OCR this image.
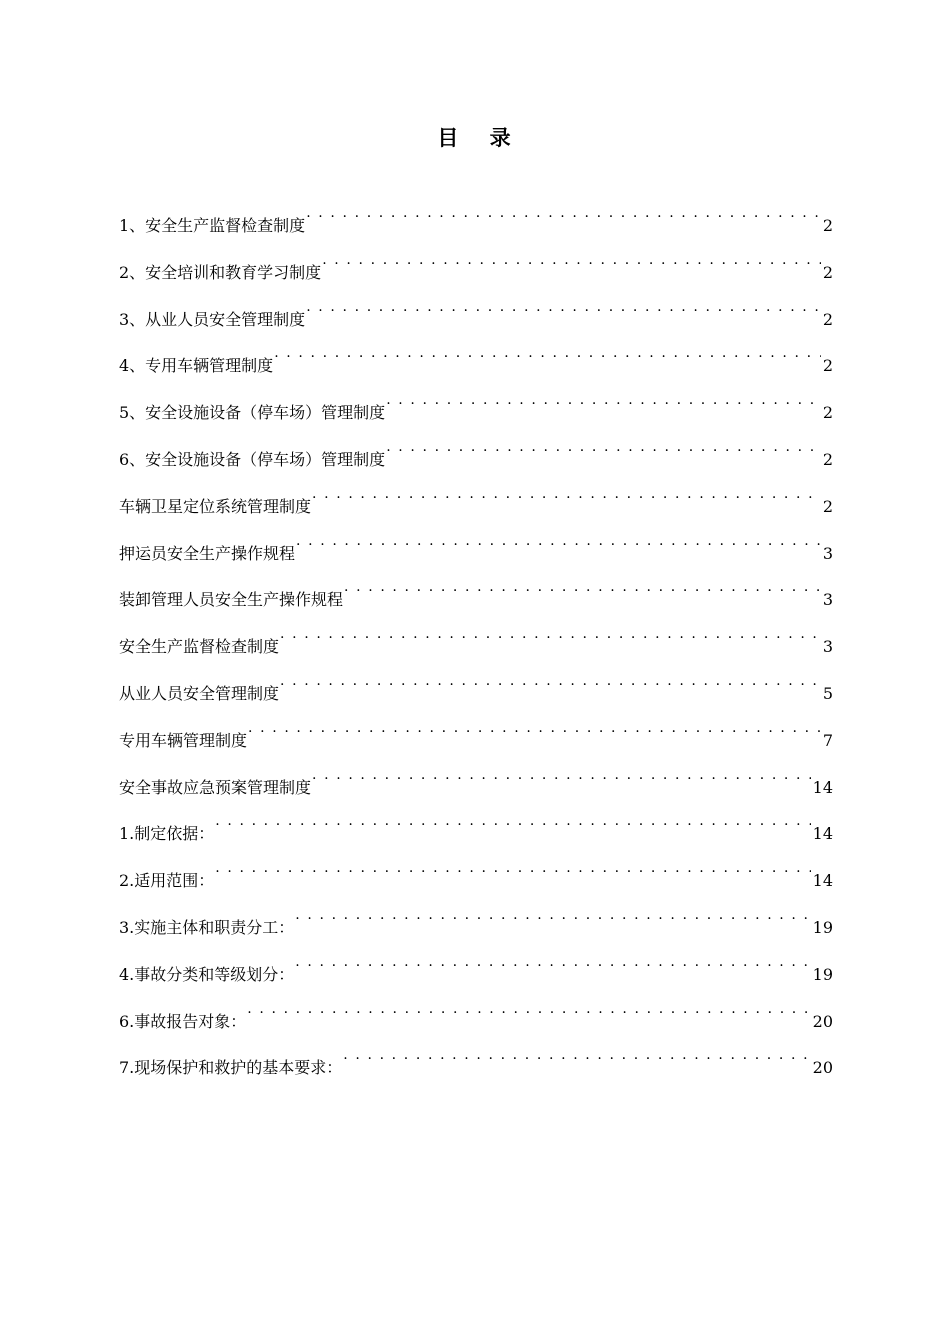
目 录
1、安全生产监督检查制度 . . .	2
2、安全培训和教育学习制度 . . .	2
3、从业人员安全管理制度 . . .	2
4、专用车辆管理制度 . . .	2
5、安全设施设备（停车场）管理制度 . . .	2
6、安全设施设备（停车场）管理制度 . . .	2
车辆卫星定位系统管理制度 . . .	2
押运员安全生产操作规程 . . .	3
装卸管理人员安全生产操作规程 . . .	3
安全生产监督检查制度 . . .	3
从业人员安全管理制度 . . .	5
专用车辆管理制度 . . .	7
安全事故应急预案管理制度 . . .	14
1.制定依据： . . .	14
2.适用范围： . . .	14
3.实施主体和职责分工： . . .	19
4.事故分类和等级划分： . . .	19
6.事故报告对象： . . .	20
7.现场保护和救护的基本要求： . . .	20
